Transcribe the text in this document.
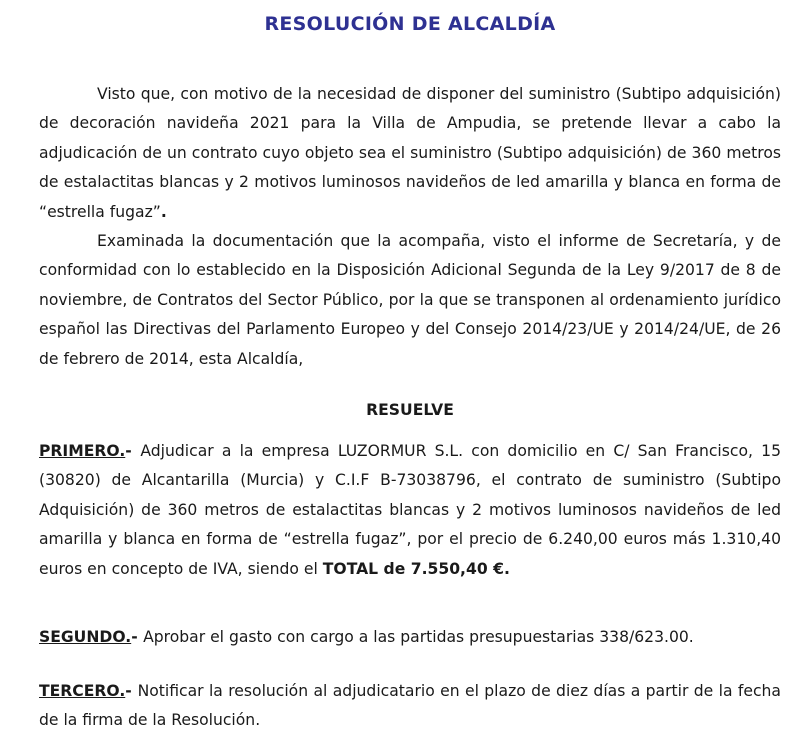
RESOLUCIÓN DE ALCALDÍA
Visto que, con motivo de la necesidad de disponer del suministro (Subtipo adquisición) de decoración navideña 2021 para la Villa de Ampudia, se pretende llevar a cabo la adjudicación de un contrato cuyo objeto sea el suministro (Subtipo adquisición) de 360 metros de estalactitas blancas y 2 motivos luminosos navideños de led amarilla y blanca en forma de “estrella fugaz”.
Examinada la documentación que la acompaña, visto el informe de Secretaría, y de conformidad con lo establecido en la Disposición Adicional Segunda de la Ley 9/2017 de 8 de noviembre, de Contratos del Sector Público, por la que se transponen al ordenamiento jurídico español las Directivas del Parlamento Europeo y del Consejo 2014/23/UE y 2014/24/UE, de 26 de febrero de 2014, esta Alcaldía,
RESUELVE
PRIMERO.- Adjudicar a la empresa LUZORMUR S.L. con domicilio en C/ San Francisco, 15 (30820) de Alcantarilla (Murcia) y C.I.F B-73038796, el contrato de suministro (Subtipo Adquisición) de 360 metros de estalactitas blancas y 2 motivos luminosos navideños de led amarilla y blanca en forma de “estrella fugaz”, por el precio de 6.240,00 euros más 1.310,40 euros en concepto de IVA, siendo el TOTAL de 7.550,40 €.
SEGUNDO.- Aprobar el gasto con cargo a las partidas presupuestarias 338/623.00.
TERCERO.- Notificar la resolución al adjudicatario en el plazo de diez días a partir de la fecha de la firma de la Resolución.
